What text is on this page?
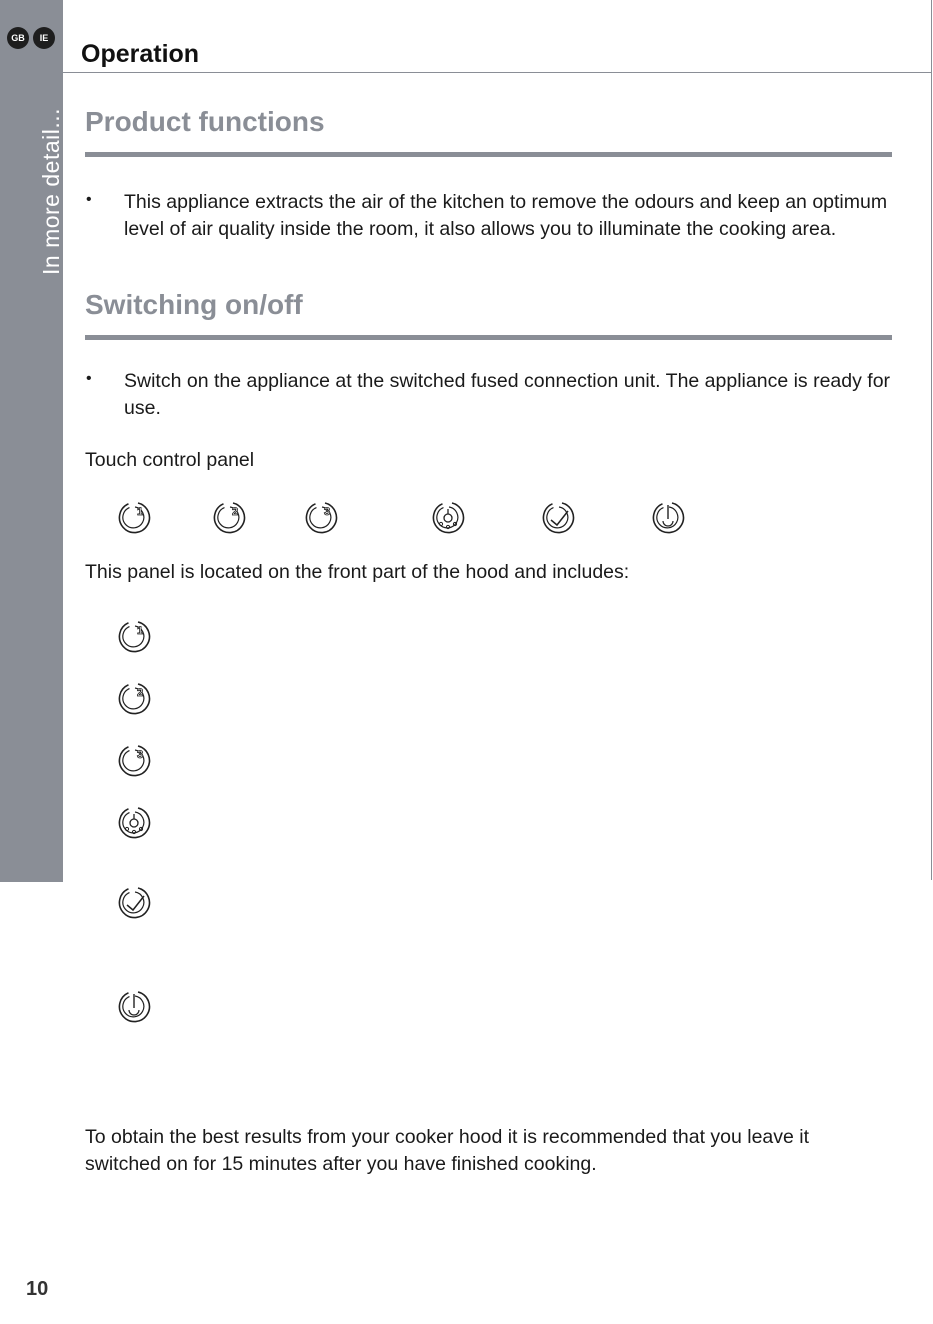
GB	IE
In more detail...
Operation
Product functions
• This appliance extracts the air of the kitchen to remove the odours and keep an optimum level of air quality inside the room, it also allows you to illuminate the cooking area.
Switching on/off
• Switch on the appliance at the switched fused connection unit. The appliance is ready for use.
Touch control panel
1	2	3
This panel is located on the front part of the hood and includes:
1
2
3
To obtain the best results from your cooker hood it is recommended that you leave it switched on for 15 minutes after you have finished cooking.
10
